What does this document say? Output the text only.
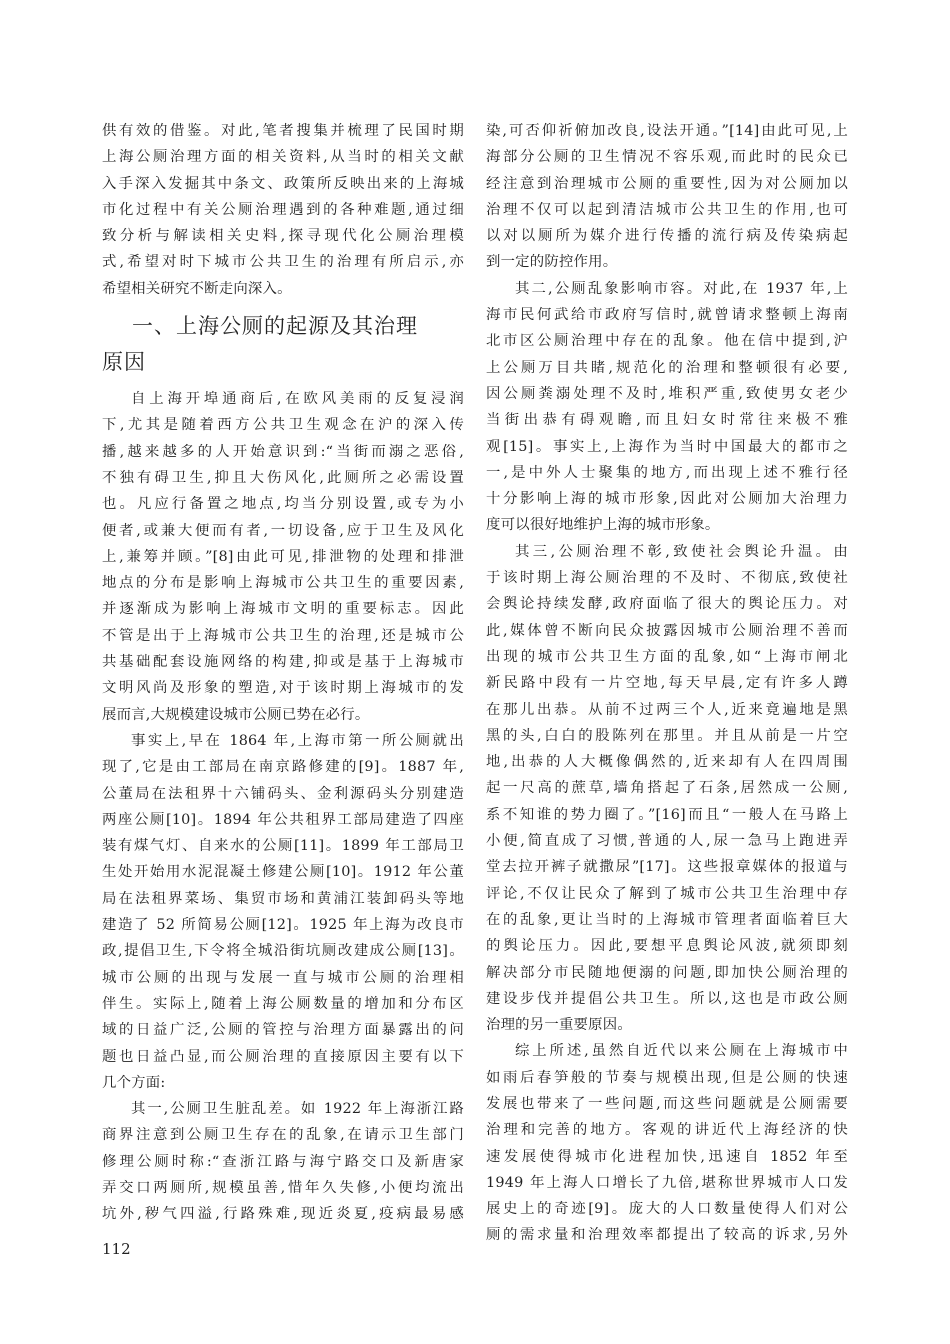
供有效的借鉴。对此,笔者搜集并梳理了民国时期
上海公厕治理方面的相关资料,从当时的相关文献
入手深入发掘其中条文、政策所反映出来的上海城
市化过程中有关公厕治理遇到的各种难题,通过细
致分析与解读相关史料,探寻现代化公厕治理模
式,希望对时下城市公共卫生的治理有所启示,亦
希望相关研究不断走向深入。
一、上海公厕的起源及其治理
原因
自上海开埠通商后,在欧风美雨的反复浸润
下,尤其是随着西方公共卫生观念在沪的深入传
播,越来越多的人开始意识到:“当街而溺之恶俗,
不独有碍卫生,抑且大伤风化,此厕所之必需设置
也。凡应行备置之地点,均当分别设置,或专为小
便者,或兼大便而有者,一切设备,应于卫生及风化
上,兼筹并顾。”[8]由此可见,排泄物的处理和排泄
地点的分布是影响上海城市公共卫生的重要因素,
并逐渐成为影响上海城市文明的重要标志。因此
不管是出于上海城市公共卫生的治理,还是城市公
共基础配套设施网络的构建,抑或是基于上海城市
文明风尚及形象的塑造,对于该时期上海城市的发
展而言,大规模建设城市公厕已势在必行。
事实上,早在 1864 年,上海市第一所公厕就出
现了,它是由工部局在南京路修建的[9]。1887 年,
公董局在法租界十六铺码头、金利源码头分别建造
两座公厕[10]。1894 年公共租界工部局建造了四座
装有煤气灯、自来水的公厕[11]。1899 年工部局卫
生处开始用水泥混凝土修建公厕[10]。1912 年公董
局在法租界菜场、集贸市场和黄浦江装卸码头等地
建造了 52 所简易公厕[12]。1925 年上海为改良市
政,提倡卫生,下令将全城沿街坑厕改建成公厕[13]。
城市公厕的出现与发展一直与城市公厕的治理相
伴生。实际上,随着上海公厕数量的增加和分布区
域的日益广泛,公厕的管控与治理方面暴露出的问
题也日益凸显,而公厕治理的直接原因主要有以下
几个方面:
其一,公厕卫生脏乱差。如 1922 年上海浙江路
商界注意到公厕卫生存在的乱象,在请示卫生部门
修理公厕时称:“查浙江路与海宁路交口及新唐家
弄交口两厕所,规模虽善,惜年久失修,小便均流出
坑外,秽气四溢,行路殊难,现近炎夏,疫病最易感
染,可否仰祈俯加改良,设法开通。”[14]由此可见,上
海部分公厕的卫生情况不容乐观,而此时的民众已
经注意到治理城市公厕的重要性,因为对公厕加以
治理不仅可以起到清洁城市公共卫生的作用,也可
以对以厕所为媒介进行传播的流行病及传染病起
到一定的防控作用。
其二,公厕乱象影响市容。对此,在 1937 年,上
海市民何武给市政府写信时,就曾请求整顿上海南
北市区公厕治理中存在的乱象。他在信中提到,沪
上公厕万目共睹,规范化的治理和整顿很有必要,
因公厕粪溺处理不及时,堆积严重,致使男女老少
当街出恭有碍观瞻,而且妇女时常往来极不雅
观[15]。事实上,上海作为当时中国最大的都市之
一,是中外人士聚集的地方,而出现上述不雅行径
十分影响上海的城市形象,因此对公厕加大治理力
度可以很好地维护上海的城市形象。
其三,公厕治理不彰,致使社会舆论升温。由
于该时期上海公厕治理的不及时、不彻底,致使社
会舆论持续发酵,政府面临了很大的舆论压力。对
此,媒体曾不断向民众披露因城市公厕治理不善而
出现的城市公共卫生方面的乱象,如“上海市闸北
新民路中段有一片空地,每天早晨,定有许多人蹲
在那儿出恭。从前不过两三个人,近来竟遍地是黑
黑的头,白白的股陈列在那里。并且从前是一片空
地,出恭的人大概像偶然的,近来却有人在四周围
起一尺高的蔗草,墙角搭起了石条,居然成一公厕,
系不知谁的势力圈了。”[16]而且“一般人在马路上
小便,简直成了习惯,普通的人,尿一急马上跑进弄
堂去拉开裤子就撒尿”[17]。这些报章媒体的报道与
评论,不仅让民众了解到了城市公共卫生治理中存
在的乱象,更让当时的上海城市管理者面临着巨大
的舆论压力。因此,要想平息舆论风波,就须即刻
解决部分市民随地便溺的问题,即加快公厕治理的
建设步伐并提倡公共卫生。所以,这也是市政公厕
治理的另一重要原因。
综上所述,虽然自近代以来公厕在上海城市中
如雨后春笋般的节奏与规模出现,但是公厕的快速
发展也带来了一些问题,而这些问题就是公厕需要
治理和完善的地方。客观的讲近代上海经济的快
速发展使得城市化进程加快,迅速自 1852 年至
1949 年上海人口增长了九倍,堪称世界城市人口发
展史上的奇迹[9]。庞大的人口数量使得人们对公
厕的需求量和治理效率都提出了较高的诉求,另外
112
